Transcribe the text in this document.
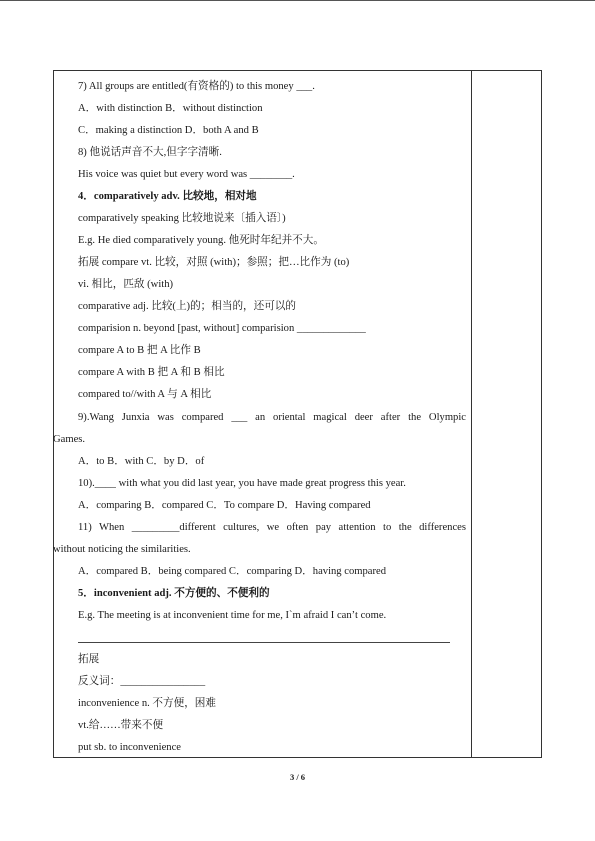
7) All groups are entitled(有资格的) to this money ___.
A．with distinction B．without distinction
C．making a distinction D．both A and B
8) 他说话声音不大,但字字清晰.
His voice was quiet but every word was ________.
4．comparatively adv. 比较地，相对地
comparatively speaking 比较地说来〔插入语〕)
E.g. He died comparatively young. 他死时年纪并不大。
拓展 compare vt. 比较，对照 (with)；参照；把…比作为 (to)
vi. 相比，匹敌 (with)
comparative adj. 比较(上)的；相当的，还可以的
comparision n. beyond [past, without] comparision _____________
compare A to B 把 A 比作 B
compare A with B 把 A 和 B 相比
compared to//with A 与 A 相比
9).Wang Junxia was compared ___ an oriental magical deer after the Olympic
Games.
A．to B．with C．by D．of
10).____ with what you did last year, you have made great progress this year.
A．comparing B．compared C．To compare D．Having compared
11) When _________different cultures, we often pay attention to the differences
without noticing the similarities.
A．compared B．being compared C．comparing D．having compared
5．inconvenient adj. 不方便的、不便利的
E.g. The meeting is at inconvenient time for me, I`m afraid I can’t come.
拓展
反义词：________________
inconvenience n. 不方便，困难
vt.给……带来不便
put sb. to inconvenience
3 / 6
